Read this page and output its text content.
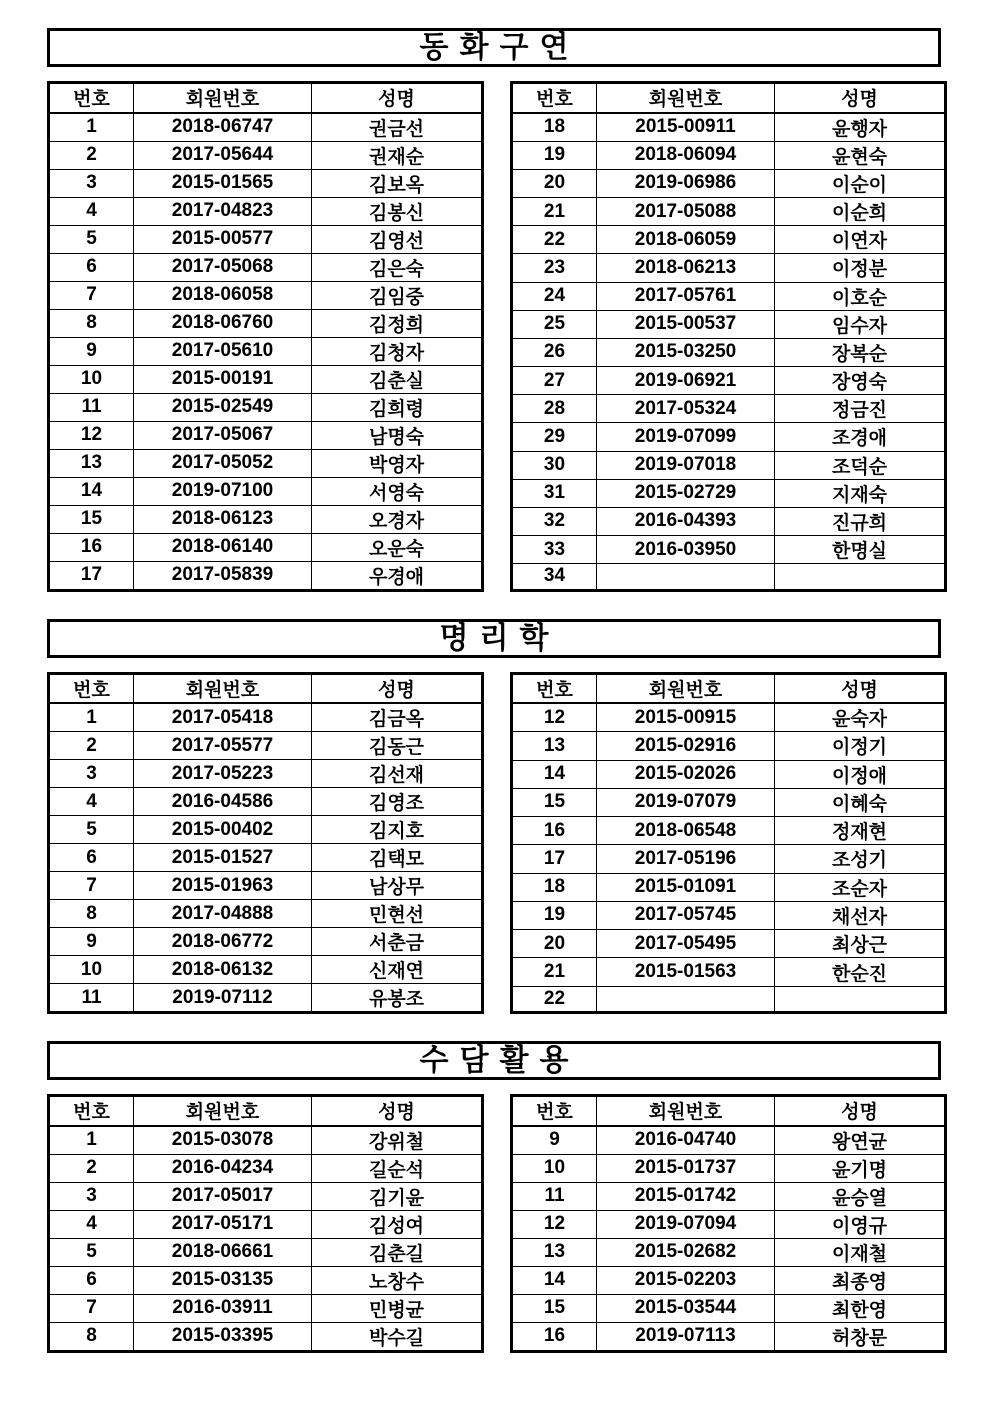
동화구연
번호	회원번호	성명
1	2018-06747	권금선
2	2017-05644	권재순
3	2015-01565	김보옥
4	2017-04823	김봉신
5	2015-00577	김영선
6	2017-05068	김은숙
7	2018-06058	김임중
8	2018-06760	김정희
9	2017-05610	김청자
10	2015-00191	김춘실
11	2015-02549	김희령
12	2017-05067	남명숙
13	2017-05052	박영자
14	2019-07100	서영숙
15	2018-06123	오경자
16	2018-06140	오운숙
17	2017-05839	우경애
번호	회원번호	성명
18	2015-00911	윤행자
19	2018-06094	윤현숙
20	2019-06986	이순이
21	2017-05088	이순희
22	2018-06059	이연자
23	2018-06213	이정분
24	2017-05761	이호순
25	2015-00537	임수자
26	2015-03250	장복순
27	2019-06921	장영숙
28	2017-05324	정금진
29	2019-07099	조경애
30	2019-07018	조덕순
31	2015-02729	지재숙
32	2016-04393	진규희
33	2016-03950	한명실
34		
명리학
번호	회원번호	성명
1	2017-05418	김금옥
2	2017-05577	김동근
3	2017-05223	김선재
4	2016-04586	김영조
5	2015-00402	김지호
6	2015-01527	김택모
7	2015-01963	남상무
8	2017-04888	민현선
9	2018-06772	서춘금
10	2018-06132	신재연
11	2019-07112	유봉조
번호	회원번호	성명
12	2015-00915	윤숙자
13	2015-02916	이정기
14	2015-02026	이정애
15	2019-07079	이혜숙
16	2018-06548	정재현
17	2017-05196	조성기
18	2015-01091	조순자
19	2017-05745	채선자
20	2017-05495	최상근
21	2015-01563	한순진
22		
수담활용
번호	회원번호	성명
1	2015-03078	강위철
2	2016-04234	길순석
3	2017-05017	김기윤
4	2017-05171	김성여
5	2018-06661	김춘길
6	2015-03135	노창수
7	2016-03911	민병균
8	2015-03395	박수길
번호	회원번호	성명
9	2016-04740	왕연균
10	2015-01737	윤기명
11	2015-01742	윤승열
12	2019-07094	이영규
13	2015-02682	이재철
14	2015-02203	최종영
15	2015-03544	최한영
16	2019-07113	허창문
